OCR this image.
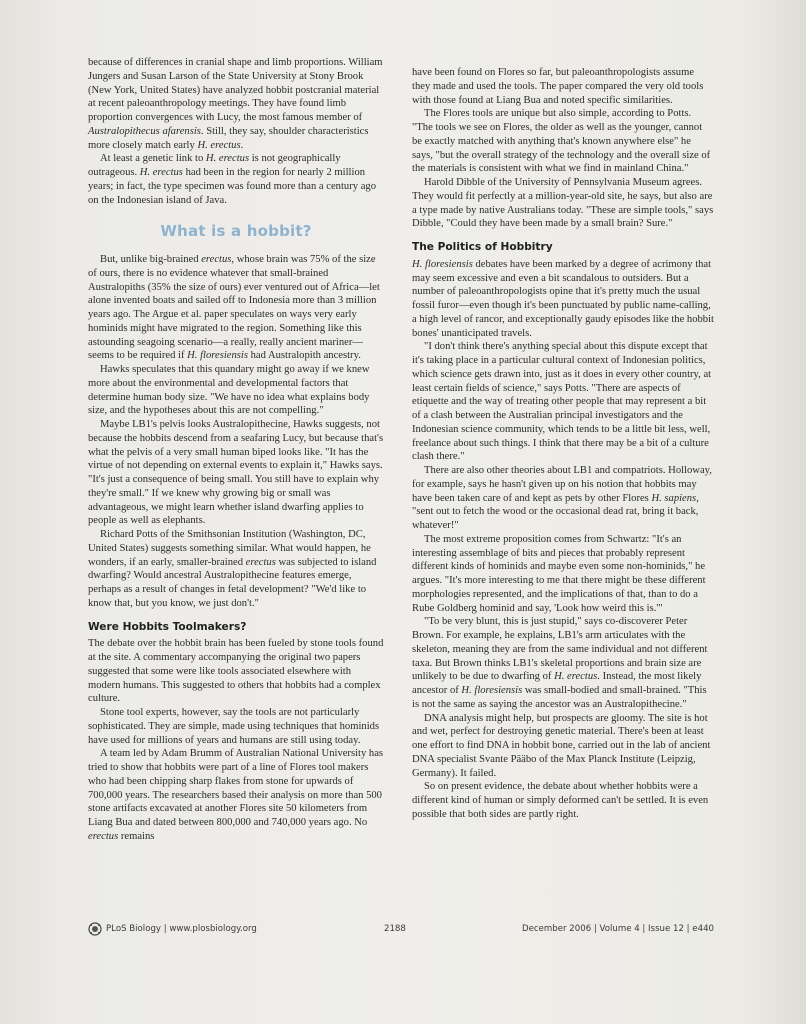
because of differences in cranial shape and limb proportions. William Jungers and Susan Larson of the State University at Stony Brook (New York, United States) have analyzed hobbit postcranial material at recent paleoanthropology meetings. They have found limb proportion convergences with Lucy, the most famous member of Australopithecus afarensis. Still, they say, shoulder characteristics more closely match early H. erectus.

At least a genetic link to H. erectus is not geographically outrageous. H. erectus had been in the region for nearly 2 million years; in fact, the type specimen was found more than a century ago on the Indonesian island of Java.

What is a hobbit?

But, unlike big-brained erectus, whose brain was 75% of the size of ours, there is no evidence whatever that small-brained Australopiths (35% the size of ours) ever ventured out of Africa—let alone invented boats and sailed off to Indonesia more than 3 million years ago. The Argue et al. paper speculates on ways very early hominids might have migrated to the region. Something like this astounding seagoing scenario—a really, really ancient mariner—seems to be required if H. floresiensis had Australopith ancestry.

Hawks speculates that this quandary might go away if we knew more about the environmental and developmental factors that determine human body size. "We have no idea what explains body size, and the hypotheses about this are not compelling."

Maybe LB1's pelvis looks Australopithecine, Hawks suggests, not because the hobbits descend from a seafaring Lucy, but because that's what the pelvis of a very small human biped looks like. "It has the virtue of not depending on external events to explain it," Hawks says. "It's just a consequence of being small. You still have to explain why they're small." If we knew why growing big or small was advantageous, we might learn whether island dwarfing applies to people as well as elephants.

Richard Potts of the Smithsonian Institution (Washington, DC, United States) suggests something similar. What would happen, he wonders, if an early, smaller-brained erectus was subjected to island dwarfing? Would ancestral Australopithecine features emerge, perhaps as a result of changes in fetal development? "We'd like to know that, but you know, we just don't."

Were Hobbits Toolmakers?

The debate over the hobbit brain has been fueled by stone tools found at the site. A commentary accompanying the original two papers suggested that some were like tools associated elsewhere with modern humans. This suggested to others that hobbits had a complex culture.

Stone tool experts, however, say the tools are not particularly sophisticated. They are simple, made using techniques that hominids have used for millions of years and humans are still using today.

A team led by Adam Brumm of Australian National University has tried to show that hobbits were part of a line of Flores tool makers who had been chipping sharp flakes from stone for upwards of 700,000 years. The researchers based their analysis on more than 500 stone artifacts excavated at another Flores site 50 kilometers from Liang Bua and dated between 800,000 and 740,000 years ago. No erectus remains

have been found on Flores so far, but paleoanthropologists assume they made and used the tools. The paper compared the very old tools with those found at Liang Bua and noted specific similarities.

The Flores tools are unique but also simple, according to Potts. "The tools we see on Flores, the older as well as the younger, cannot be exactly matched with anything that's known anywhere else" he says, "but the overall strategy of the technology and the overall size of the materials is consistent with what we find in mainland China."

Harold Dibble of the University of Pennsylvania Museum agrees. They would fit perfectly at a million-year-old site, he says, but also are a type made by native Australians today. "These are simple tools," says Dibble, "Could they have been made by a small brain? Sure."

The Politics of Hobbitry

H. floresiensis debates have been marked by a degree of acrimony that may seem excessive and even a bit scandalous to outsiders. But a number of paleoanthropologists opine that it's pretty much the usual fossil furor—even though it's been punctuated by public name-calling, a high level of rancor, and exceptionally gaudy episodes like the hobbit bones' unanticipated travels.

"I don't think there's anything special about this dispute except that it's taking place in a particular cultural context of Indonesian politics, which science gets drawn into, just as it does in every other country, at least certain fields of science," says Potts. "There are aspects of etiquette and the way of treating other people that may represent a bit of a clash between the Australian principal investigators and the Indonesian science community, which tends to be a little bit less, well, freelance about such things. I think that there may be a bit of a culture clash there."

There are also other theories about LB1 and compatriots. Holloway, for example, says he hasn't given up on his notion that hobbits may have been taken care of and kept as pets by other Flores H. sapiens, "sent out to fetch the wood or the occasional dead rat, bring it back, whatever!"

The most extreme proposition comes from Schwartz: "It's an interesting assemblage of bits and pieces that probably represent different kinds of hominids and maybe even some non-hominids," he argues. "It's more interesting to me that there might be these different morphologies represented, and the implications of that, than to do a Rube Goldberg hominid and say, 'Look how weird this is.'"

"To be very blunt, this is just stupid," says co-discoverer Peter Brown. For example, he explains, LB1's arm articulates with the skeleton, meaning they are from the same individual and not different taxa. But Brown thinks LB1's skeletal proportions and brain size are unlikely to be due to dwarfing of H. erectus. Instead, the most likely ancestor of H. floresiensis was small-bodied and small-brained. "This is not the same as saying the ancestor was an Australopithecine."

DNA analysis might help, but prospects are gloomy. The site is hot and wet, perfect for destroying genetic material. There's been at least one effort to find DNA in hobbit bone, carried out in the lab of ancient DNA specialist Svante Pääbo of the Max Planck Institute (Leipzig, Germany). It failed.

So on present evidence, the debate about whether hobbits were a different kind of human or simply deformed can't be settled. It is even possible that both sides are partly right.

PLoS Biology | www.plosbiology.org	2188	December 2006 | Volume 4 | Issue 12 | e440
